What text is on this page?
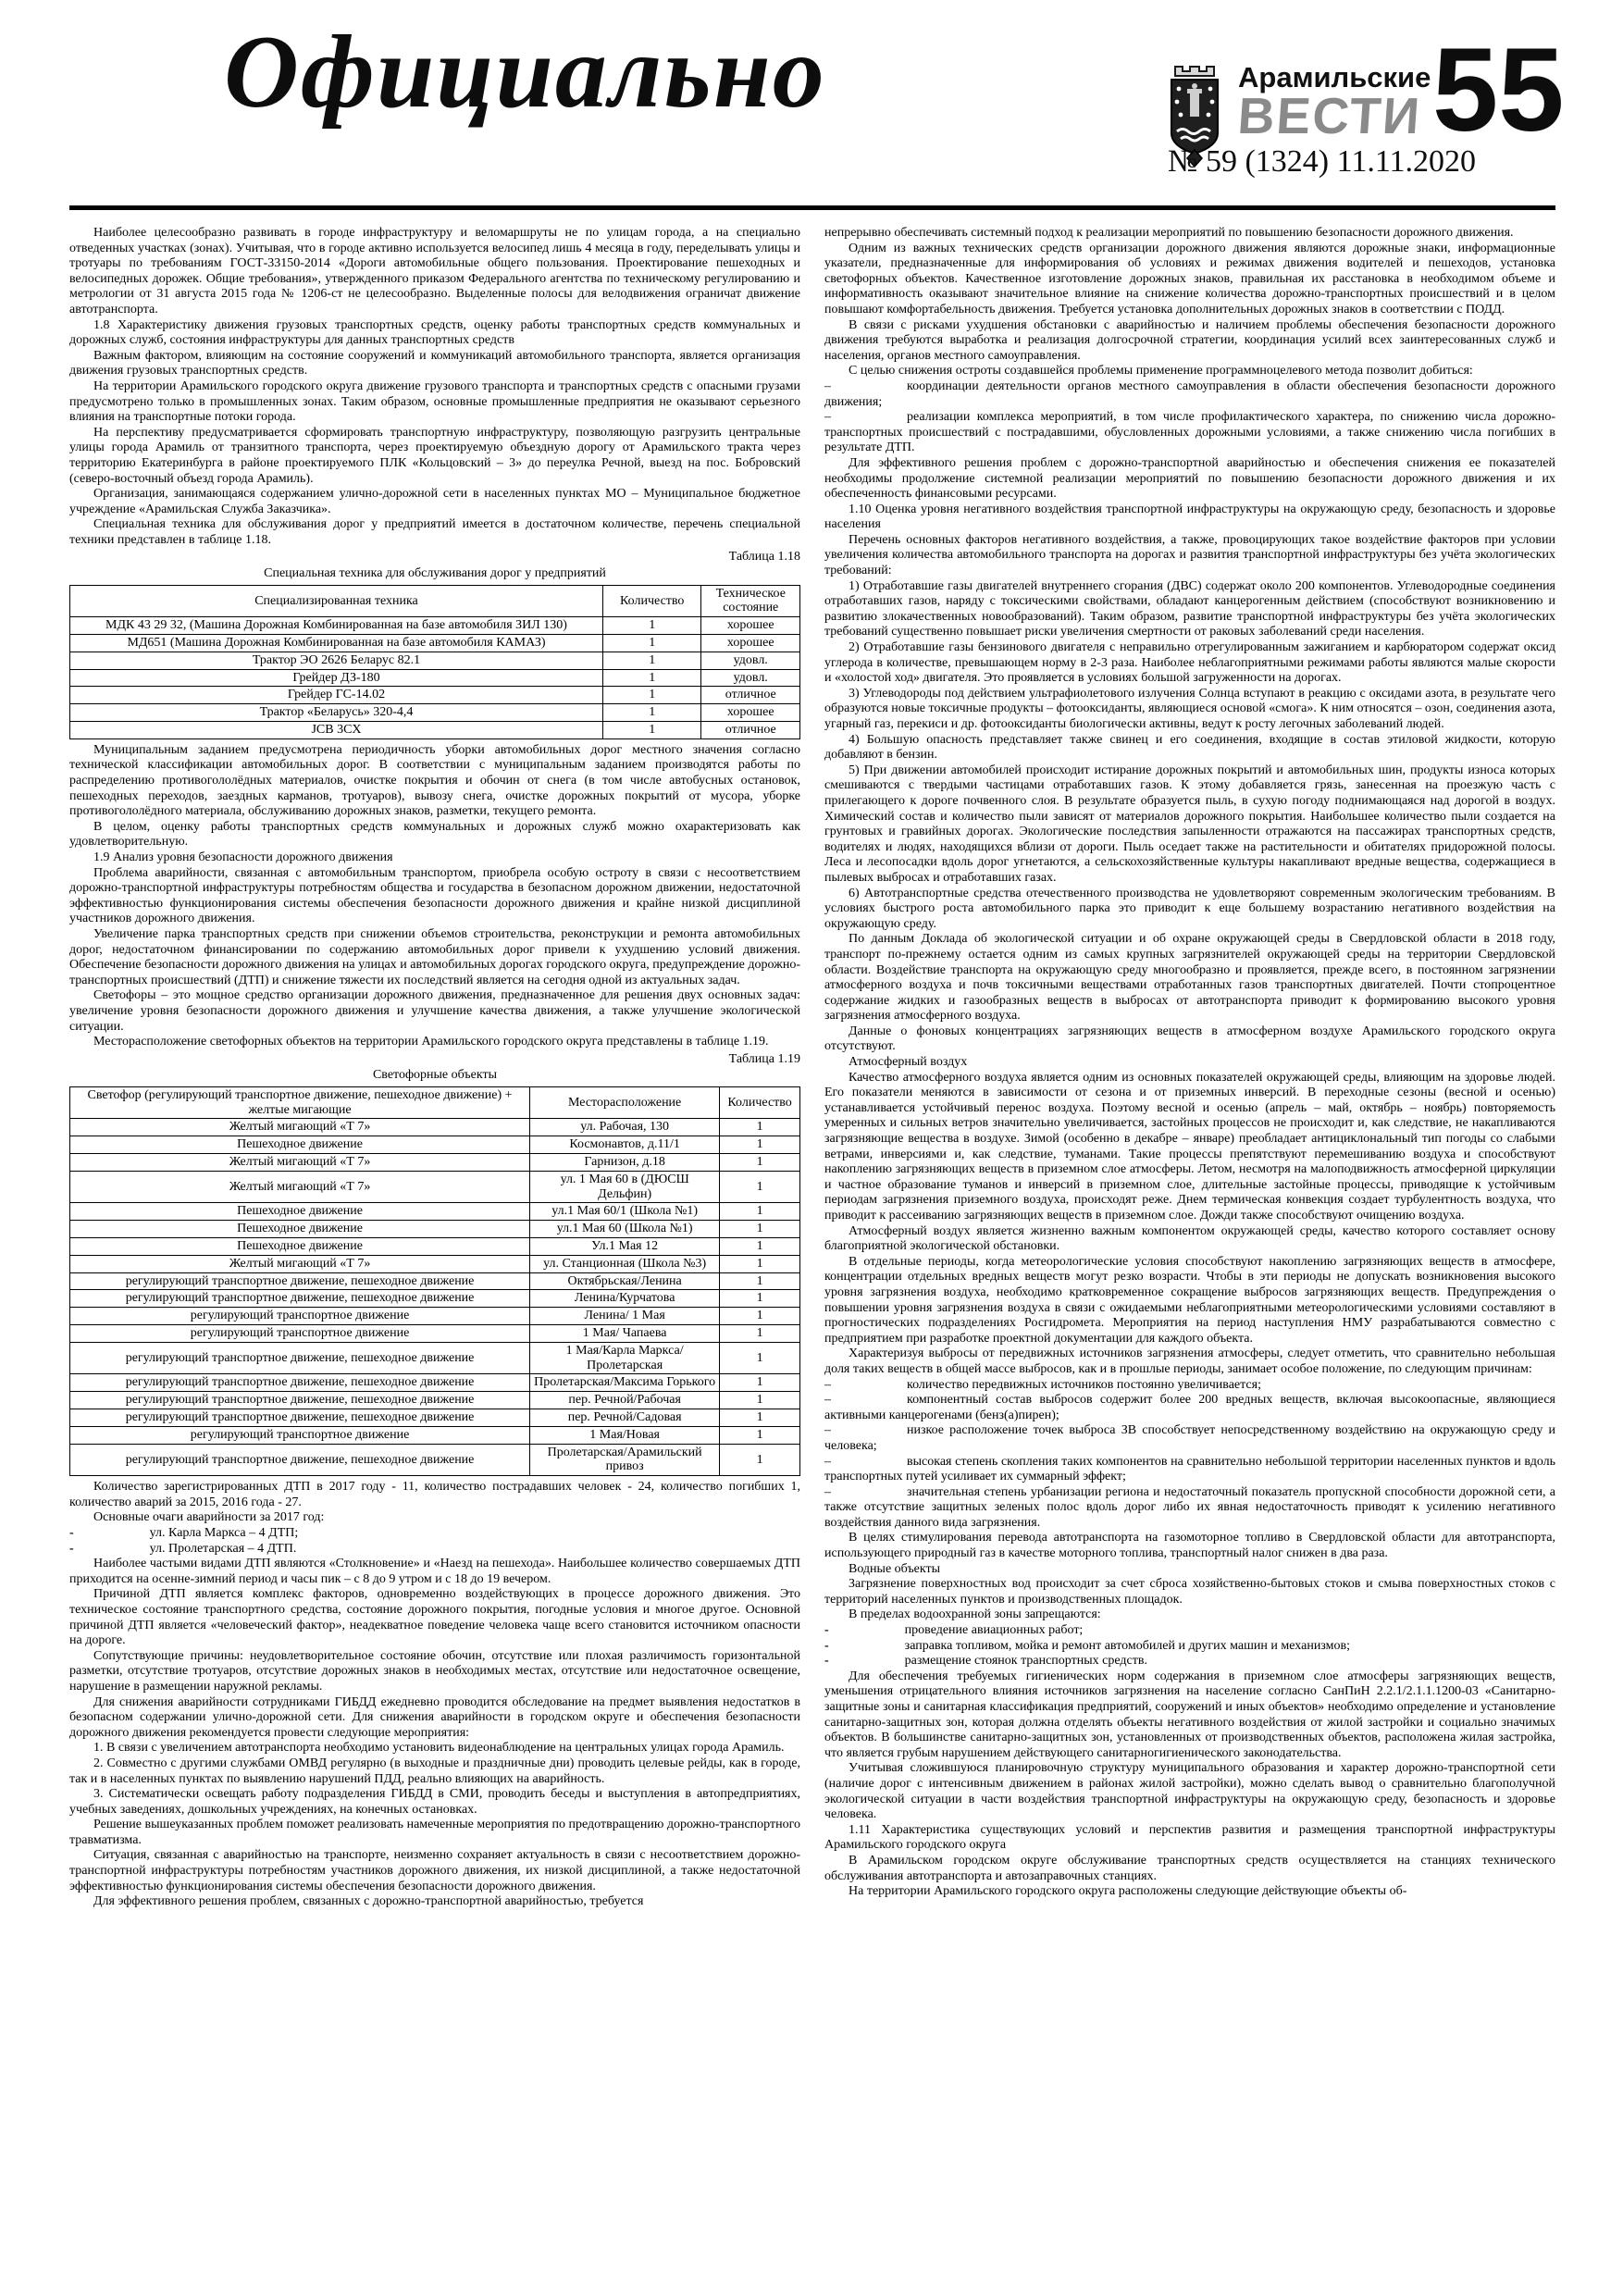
Официально	Арамильские
ВЕСТИ
№ 59 (1324) 11.11.2020
55
Наиболее целесообразно развивать в городе инфраструктуру и веломаршруты не по улицам города, а на специально отведенных участках (зонах). Учитывая, что в городе активно используется велосипед лишь 4 месяца в году, переделывать улицы и тротуары по требованиям ГОСТ-33150-2014 «Дороги автомобильные общего пользования. Проектирование пешеходных и велосипедных дорожек. Общие требования», утвержденного приказом Федерального агентства по техническому регулированию и метрологии от 31 августа 2015 года № 1206-ст не целесообразно. Выделенные полосы для велодвижения ограничат движение автотранспорта.
1.8 Характеристику движения грузовых транспортных средств, оценку работы транспортных средств коммунальных и дорожных служб, состояния инфраструктуры для данных транспортных средств
Важным фактором, влияющим на состояние сооружений и коммуникаций автомобильного транспорта, является организация движения грузовых транспортных средств.
На территории Арамильского городского округа движение грузового транспорта и транспортных средств с опасными грузами предусмотрено только в промышленных зонах. Таким образом, основные промышленные предприятия не оказывают серьезного влияния на транспортные потоки города.
На перспективу предусматривается сформировать транспортную инфраструктуру, позволяющую разгрузить центральные улицы города Арамиль от транзитного транспорта, через проектируемую объездную дорогу от Арамильского тракта через территорию Екатеринбурга в районе проектируемого ПЛК «Кольцовский – 3» до переулка Речной, выезд на пос. Бобровский (северо-восточный объезд города Арамиль).
Организация, занимающаяся содержанием улично-дорожной сети в населенных пунктах МО – Муниципальное бюджетное учреждение «Арамильская Служба Заказчика».
Специальная техника для обслуживания дорог у предприятий имеется в достаточном количестве, перечень специальной техники представлен в таблице 1.18.
Таблица 1.18
Специальная техника для обслуживания дорог у предприятий
Специализированная техника	Количество	Техническое состояние
МДК 43 29 32, (Машина Дорожная Комбинированная на базе автомобиля ЗИЛ 130)	1	хорошее
МД651 (Машина Дорожная Комбинированная на базе автомобиля КАМАЗ)	1	хорошее
Трактор ЭО 2626 Беларус 82.1	1	удовл.
Грейдер ДЗ-180	1	удовл.
Грейдер ГС-14.02	1	отличное
Трактор «Беларусь» 320-4,4	1	хорошее
JCB 3CX	1	отличное
Муниципальным заданием предусмотрена периодичность уборки автомобильных дорог местного значения согласно технической классификации автомобильных дорог. В соответствии с муниципальным заданием производятся работы по распределению противогололёдных материалов, очистке покрытия и обочин от снега (в том числе автобусных остановок, пешеходных переходов, заездных карманов, тротуаров), вывозу снега, очистке дорожных покрытий от мусора, уборке противогололёдного материала, обслуживанию дорожных знаков, разметки, текущего ремонта.
В целом, оценку работы транспортных средств коммунальных и дорожных служб можно охарактеризовать как удовлетворительную.
1.9 Анализ уровня безопасности дорожного движения
Проблема аварийности, связанная с автомобильным транспортом, приобрела особую остроту в связи с несоответствием дорожно-транспортной инфраструктуры потребностям общества и государства в безопасном дорожном движении, недостаточной эффективностью функционирования системы обеспечения безопасности дорожного движения и крайне низкой дисциплиной участников дорожного движения.
Увеличение парка транспортных средств при снижении объемов строительства, реконструкции и ремонта автомобильных дорог, недостаточном финансировании по содержанию автомобильных дорог привели к ухудшению условий движения. Обеспечение безопасности дорожного движения на улицах и автомобильных дорогах городского округа, предупреждение дорожно-транспортных происшествий (ДТП) и снижение тяжести их последствий является на сегодня одной из актуальных задач.
Светофоры – это мощное средство организации дорожного движения, предназначенное для решения двух основных задач: увеличение уровня безопасности дорожного движения и улучшение качества движения, а также улучшение экологической ситуации.
Месторасположение светофорных объектов на территории Арамильского городского округа представлены в таблице 1.19.
Таблица 1.19
Светофорные объекты
Светофор (регулирующий транспортное движение, пешеходное движение) + желтые мигающие	Месторасположение	Количество
Желтый мигающий «Т 7»	ул. Рабочая, 130	1
Пешеходное движение	Космонавтов, д.11/1	1
Желтый мигающий «Т 7»	Гарнизон, д.18	1
Желтый мигающий «Т 7»	ул. 1 Мая 60 в (ДЮСШ Дельфин)	1
Пешеходное движение	ул.1 Мая 60/1 (Школа №1)	1
Пешеходное движение	ул.1 Мая 60 (Школа №1)	1
Пешеходное движение	Ул.1 Мая 12	1
Желтый мигающий «Т 7»	ул. Станционная (Школа №3)	1
регулирующий транспортное движение, пешеходное движение	Октябрьская/Ленина	1
регулирующий транспортное движение, пешеходное движение	Ленина/Курчатова	1
регулирующий транспортное движение	Ленина/ 1 Мая	1
регулирующий транспортное движение	1 Мая/ Чапаева	1
регулирующий транспортное движение, пешеходное движение	1 Мая/Карла Маркса/Пролетарская	1
регулирующий транспортное движение, пешеходное движение	Пролетарская/Максима Горького	1
регулирующий транспортное движение, пешеходное движение	пер. Речной/Рабочая	1
регулирующий транспортное движение, пешеходное движение	пер. Речной/Садовая	1
регулирующий транспортное движение	1 Мая/Новая	1
регулирующий транспортное движение, пешеходное движение	Пролетарская/Арамильский привоз	1
Количество зарегистрированных ДТП в 2017 году - 11, количество пострадавших человек - 24, количество погибших 1, количество аварий за 2015, 2016 года - 27.
Основные очаги аварийности за 2017 год:
-	ул. Карла Маркса – 4 ДТП;
-	ул. Пролетарская – 4 ДТП.
Наиболее частыми видами ДТП являются «Столкновение» и «Наезд на пешехода». Наибольшее количество совершаемых ДТП приходится на осенне-зимний период и часы пик – с 8 до 9 утром и с 18 до 19 вечером.
Причиной ДТП является комплекс факторов, одновременно воздействующих в процессе дорожного движения. Это техническое состояние транспортного средства, состояние дорожного покрытия, погодные условия и многое другое. Основной причиной ДТП является «человеческий фактор», неадекватное поведение человека чаще всего становится источником опасности на дороге.
Сопутствующие причины: неудовлетворительное состояние обочин, отсутствие или плохая различимость горизонтальной разметки, отсутствие тротуаров, отсутствие дорожных знаков в необходимых местах, отсутствие или недостаточное освещение, нарушение в размещении наружной рекламы.
Для снижения аварийности сотрудниками ГИБДД ежедневно проводится обследование на предмет выявления недостатков в безопасном содержании улично-дорожной сети. Для снижения аварийности в городском округе и обеспечения безопасности дорожного движения рекомендуется провести следующие мероприятия:
1. В связи с увеличением автотранспорта необходимо установить видеонаблюдение на центральных улицах города Арамиль.
2. Совместно с другими службами ОМВД регулярно (в выходные и праздничные дни) проводить целевые рейды, как в городе, так и в населенных пунктах по выявлению нарушений ПДД, реально влияющих на аварийность.
3. Систематически освещать работу подразделения ГИБДД в СМИ, проводить беседы и выступления в автопредприятиях, учебных заведениях, дошкольных учреждениях, на конечных остановках.
Решение вышеуказанных проблем поможет реализовать намеченные мероприятия по предотвращению дорожно-транспортного травматизма.
Ситуация, связанная с аварийностью на транспорте, неизменно сохраняет актуальность в связи с несоответствием дорожно-транспортной инфраструктуры потребностям участников дорожного движения, их низкой дисциплиной, а также недостаточной эффективностью функционирования системы обеспечения безопасности дорожного движения.
Для эффективного решения проблем, связанных с дорожно-транспортной аварийностью, требуется
непрерывно обеспечивать системный подход к реализации мероприятий по повышению безопасности дорожного движения.
Одним из важных технических средств организации дорожного движения являются дорожные знаки, информационные указатели, предназначенные для информирования об условиях и режимах движения водителей и пешеходов, установка светофорных объектов. Качественное изготовление дорожных знаков, правильная их расстановка в необходимом объеме и информативность оказывают значительное влияние на снижение количества дорожно-транспортных происшествий и в целом повышают комфортабельность движения. Требуется установка дополнительных дорожных знаков в соответствии с ПОДД.
В связи с рисками ухудшения обстановки с аварийностью и наличием проблемы обеспечения безопасности дорожного движения требуются выработка и реализация долгосрочной стратегии, координация усилий всех заинтересованных служб и населения, органов местного самоуправления.
С целью снижения остроты создавшейся проблемы применение программноцелевого метода позволит добиться:
–	координации деятельности органов местного самоуправления в области обеспечения безопасности дорожного движения;
–	реализации комплекса мероприятий, в том числе профилактического характера, по снижению числа дорожно-транспортных происшествий с пострадавшими, обусловленных дорожными условиями, а также снижению числа погибших в результате ДТП.
Для эффективного решения проблем с дорожно-транспортной аварийностью и обеспечения снижения ее показателей необходимы продолжение системной реализации мероприятий по повышению безопасности дорожного движения и их обеспеченность финансовыми ресурсами.
1.10 Оценка уровня негативного воздействия транспортной инфраструктуры на окружающую среду, безопасность и здоровье населения
Перечень основных факторов негативного воздействия, а также, провоцирующих такое воздействие факторов при условии увеличения количества автомобильного транспорта на дорогах и развития транспортной инфраструктуры без учёта экологических требований:
1) Отработавшие газы двигателей внутреннего сгорания (ДВС) содержат около 200 компонентов. Углеводородные соединения отработавших газов, наряду с токсическими свойствами, обладают канцерогенным действием (способствуют возникновению и развитию злокачественных новообразований). Таким образом, развитие транспортной инфраструктуры без учёта экологических требований существенно повышает риски увеличения смертности от раковых заболеваний среди населения.
2) Отработавшие газы бензинового двигателя с неправильно отрегулированным зажиганием и карбюратором содержат оксид углерода в количестве, превышающем норму в 2-3 раза. Наиболее неблагоприятными режимами работы являются малые скорости и «холостой ход» двигателя. Это проявляется в условиях большой загруженности на дорогах.
3) Углеводороды под действием ультрафиолетового излучения Солнца вступают в реакцию с оксидами азота, в результате чего образуются новые токсичные продукты – фотооксиданты, являющиеся основой «смога». К ним относятся – озон, соединения азота, угарный газ, перекиси и др. фотооксиданты биологически активны, ведут к росту легочных заболеваний людей.
4) Большую опасность представляет также свинец и его соединения, входящие в состав этиловой жидкости, которую добавляют в бензин.
5) При движении автомобилей происходит истирание дорожных покрытий и автомобильных шин, продукты износа которых смешиваются с твердыми частицами отработавших газов. К этому добавляется грязь, занесенная на проезжую часть с прилегающего к дороге почвенного слоя. В результате образуется пыль, в сухую погоду поднимающаяся над дорогой в воздух. Химический состав и количество пыли зависят от материалов дорожного покрытия. Наибольшее количество пыли создается на грунтовых и гравийных дорогах. Экологические последствия запыленности отражаются на пассажирах транспортных средств, водителях и людях, находящихся вблизи от дороги. Пыль оседает также на растительности и обитателях придорожной полосы. Леса и лесопосадки вдоль дорог угнетаются, а сельскохозяйственные культуры накапливают вредные вещества, содержащиеся в пылевых выбросах и отработавших газах.
6) Автотранспортные средства отечественного производства не удовлетворяют современным экологическим требованиям. В условиях быстрого роста автомобильного парка это приводит к еще большему возрастанию негативного воздействия на окружающую среду.
По данным Доклада об экологической ситуации и об охране окружающей среды в Свердловской области в 2018 году, транспорт по-прежнему остается одним из самых крупных загрязнителей окружающей среды на территории Свердловской области. Воздействие транспорта на окружающую среду многообразно и проявляется, прежде всего, в постоянном загрязнении атмосферного воздуха и почв токсичными веществами отработанных газов транспортных двигателей. Почти стопроцентное содержание жидких и газообразных веществ в выбросах от автотранспорта приводит к формированию высокого уровня загрязнения атмосферного воздуха.
Данные о фоновых концентрациях загрязняющих веществ в атмосферном воздухе Арамильского городского округа отсутствуют.
Атмосферный воздух
Качество атмосферного воздуха является одним из основных показателей окружающей среды, влияющим на здоровье людей. Его показатели меняются в зависимости от сезона и от приземных инверсий. В переходные сезоны (весной и осенью) устанавливается устойчивый перенос воздуха. Поэтому весной и осенью (апрель – май, октябрь – ноябрь) повторяемость умеренных и сильных ветров значительно увеличивается, застойных процессов не происходит и, как следствие, не накапливаются загрязняющие вещества в воздухе. Зимой (особенно в декабре – январе) преобладает антициклональный тип погоды со слабыми ветрами, инверсиями и, как следствие, туманами. Такие процессы препятствуют перемешиванию воздуха и способствуют накоплению загрязняющих веществ в приземном слое атмосферы. Летом, несмотря на малоподвижность атмосферной циркуляции и частное образование туманов и инверсий в приземном слое, длительные застойные процессы, приводящие к устойчивым периодам загрязнения приземного воздуха, происходят реже. Днем термическая конвекция создает турбулентность воздуха, что приводит к рассеиванию загрязняющих веществ в приземном слое. Дожди также способствуют очищению воздуха.
Атмосферный воздух является жизненно важным компонентом окружающей среды, качество которого составляет основу благоприятной экологической обстановки.
В отдельные периоды, когда метеорологические условия способствуют накоплению загрязняющих веществ в атмосфере, концентрации отдельных вредных веществ могут резко возрасти. Чтобы в эти периоды не допускать возникновения высокого уровня загрязнения воздуха, необходимо кратковременное сокращение выбросов загрязняющих веществ. Предупреждения о повышении уровня загрязнения воздуха в связи с ожидаемыми неблагоприятными метеорологическими условиями составляют в прогностических подразделениях Росгидромета. Мероприятия на период наступления НМУ разрабатываются совместно с предприятием при разработке проектной документации для каждого объекта.
Характеризуя выбросы от передвижных источников загрязнения атмосферы, следует отметить, что сравнительно небольшая доля таких веществ в общей массе выбросов, как и в прошлые периоды, занимает особое положение, по следующим причинам:
–	количество передвижных источников постоянно увеличивается;
–	компонентный состав выбросов содержит более 200 вредных веществ, включая высокоопасные, являющиеся активными канцерогенами (бенз(а)пирен);
–	низкое расположение точек выброса ЗВ способствует непосредственному воздействию на окружающую среду и человека;
–	высокая степень скопления таких компонентов на сравнительно небольшой территории населенных пунктов и вдоль транспортных путей усиливает их суммарный эффект;
–	значительная степень урбанизации региона и недостаточный показатель пропускной способности дорожной сети, а также отсутствие защитных зеленых полос вдоль дорог либо их явная недостаточность приводят к усилению негативного воздействия данного вида загрязнения.
В целях стимулирования перевода автотранспорта на газомоторное топливо в Свердловской области для автотранспорта, использующего природный газ в качестве моторного топлива, транспортный налог снижен в два раза.
Водные объекты
Загрязнение поверхностных вод происходит за счет сброса хозяйственно-бытовых стоков и смыва поверхностных стоков с территорий населенных пунктов и производственных площадок.
В пределах водоохранной зоны запрещаются:
-	проведение авиационных работ;
-	заправка топливом, мойка и ремонт автомобилей и других машин и механизмов;
-	размещение стоянок транспортных средств.
Для обеспечения требуемых гигиенических норм содержания в приземном слое атмосферы загрязняющих веществ, уменьшения отрицательного влияния источников загрязнения на население согласно СанПиН 2.2.1/2.1.1.1200-03 «Санитарно-защитные зоны и санитарная классификация предприятий, сооружений и иных объектов» необходимо определение и установление санитарно-защитных зон, которая должна отделять объекты негативного воздействия от жилой застройки и социально значимых объектов. В большинстве санитарно-защитных зон, установленных от производственных объектов, расположена жилая застройка, что является грубым нарушением действующего санитарногигиенического законодательства.
Учитывая сложившуюся планировочную структуру муниципального образования и характер дорожно-транспортной сети (наличие дорог с интенсивным движением в районах жилой застройки), можно сделать вывод о сравнительно благополучной экологической ситуации в части воздействия транспортной инфраструктуры на окружающую среду, безопасность и здоровье человека.
1.11 Характеристика существующих условий и перспектив развития и размещения транспортной инфраструктуры Арамильского городского округа
В Арамильском городском округе обслуживание транспортных средств осуществляется на станциях технического обслуживания автотранспорта и автозаправочных станциях.
На территории Арамильского городского округа расположены следующие действующие объекты об-
